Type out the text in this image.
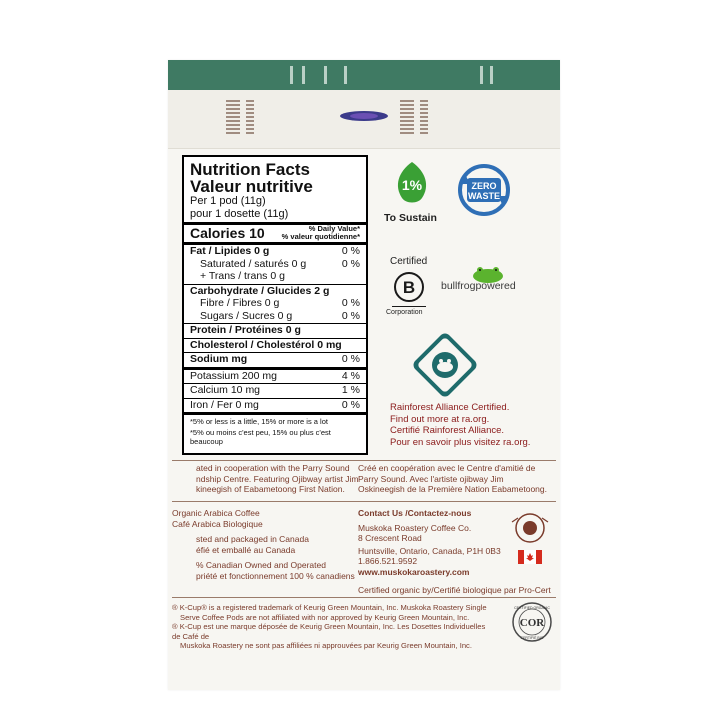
Nutrition Facts
Valeur nutritive
Per 1 pod (11g)
pour 1 dosette (11g)
Calories 10	% Daily Value*
% valeur quotidienne*
Fat / Lipides 0 g	0 %
Saturated / saturés 0 g	0 %
+ Trans / trans 0 g
Carbohydrate / Glucides 2 g
Fibre / Fibres 0 g	0 %
Sugars / Sucres 0 g	0 %
Protein / Protéines 0 g
Cholesterol / Cholestérol 0 mg
Sodium mg	0 %
Potassium 200 mg	4 %
Calcium 10 mg	1 %
Iron / Fer 0 mg	0 %
*5% or less is a little, 15% or more is a lot
*5% ou moins c'est peu, 15% ou plus c'est beaucoup
1%
To Sustain
ZERO
WASTE
Certified
B
Corporation
bullfrogpowered
Rainforest Alliance Certified.
Find out more at ra.org.
Certifié Rainforest Alliance.
Pour en savoir plus visitez ra.org.
ated in cooperation with the Parry Sound
ndship Centre. Featuring Ojibway artist Jim
kineegish of Eabametoong First Nation.
Créé en coopération avec le Centre d'amitié de
Parry Sound. Avec l'artiste ojibway Jim
Oskineegish de la Première Nation Eabametoong.
Organic Arabica Coffee
Café Arabica Biologique
sted and packaged in Canada
éfié et emballé au Canada
% Canadian Owned and Operated
priété et fonctionnement 100 % canadiens
Contact Us /Contactez-nous
Muskoka Roastery Coffee Co.
8 Crescent Road
Huntsville, Ontario, Canada, P1H 0B3
1.866.521.9592
www.muskokaroastery.com
Certified organic by/Certifié biologique par Pro-Cert
® K-Cup® is a registered trademark of Keurig Green Mountain, Inc. Muskoka Roastery Single
Serve Coffee Pods are not affiliated with nor approved by Keurig Green Mountain, Inc.
® K-Cup est une marque déposée de Keurig Green Mountain, Inc. Les Dosettes Individuelles de Café de
Muskoka Roastery ne sont pas affiliées ni approuvées par Keurig Green Mountain, Inc.
COR
CERTIFIED ORGANIC
CERTIFIÉ BIO
